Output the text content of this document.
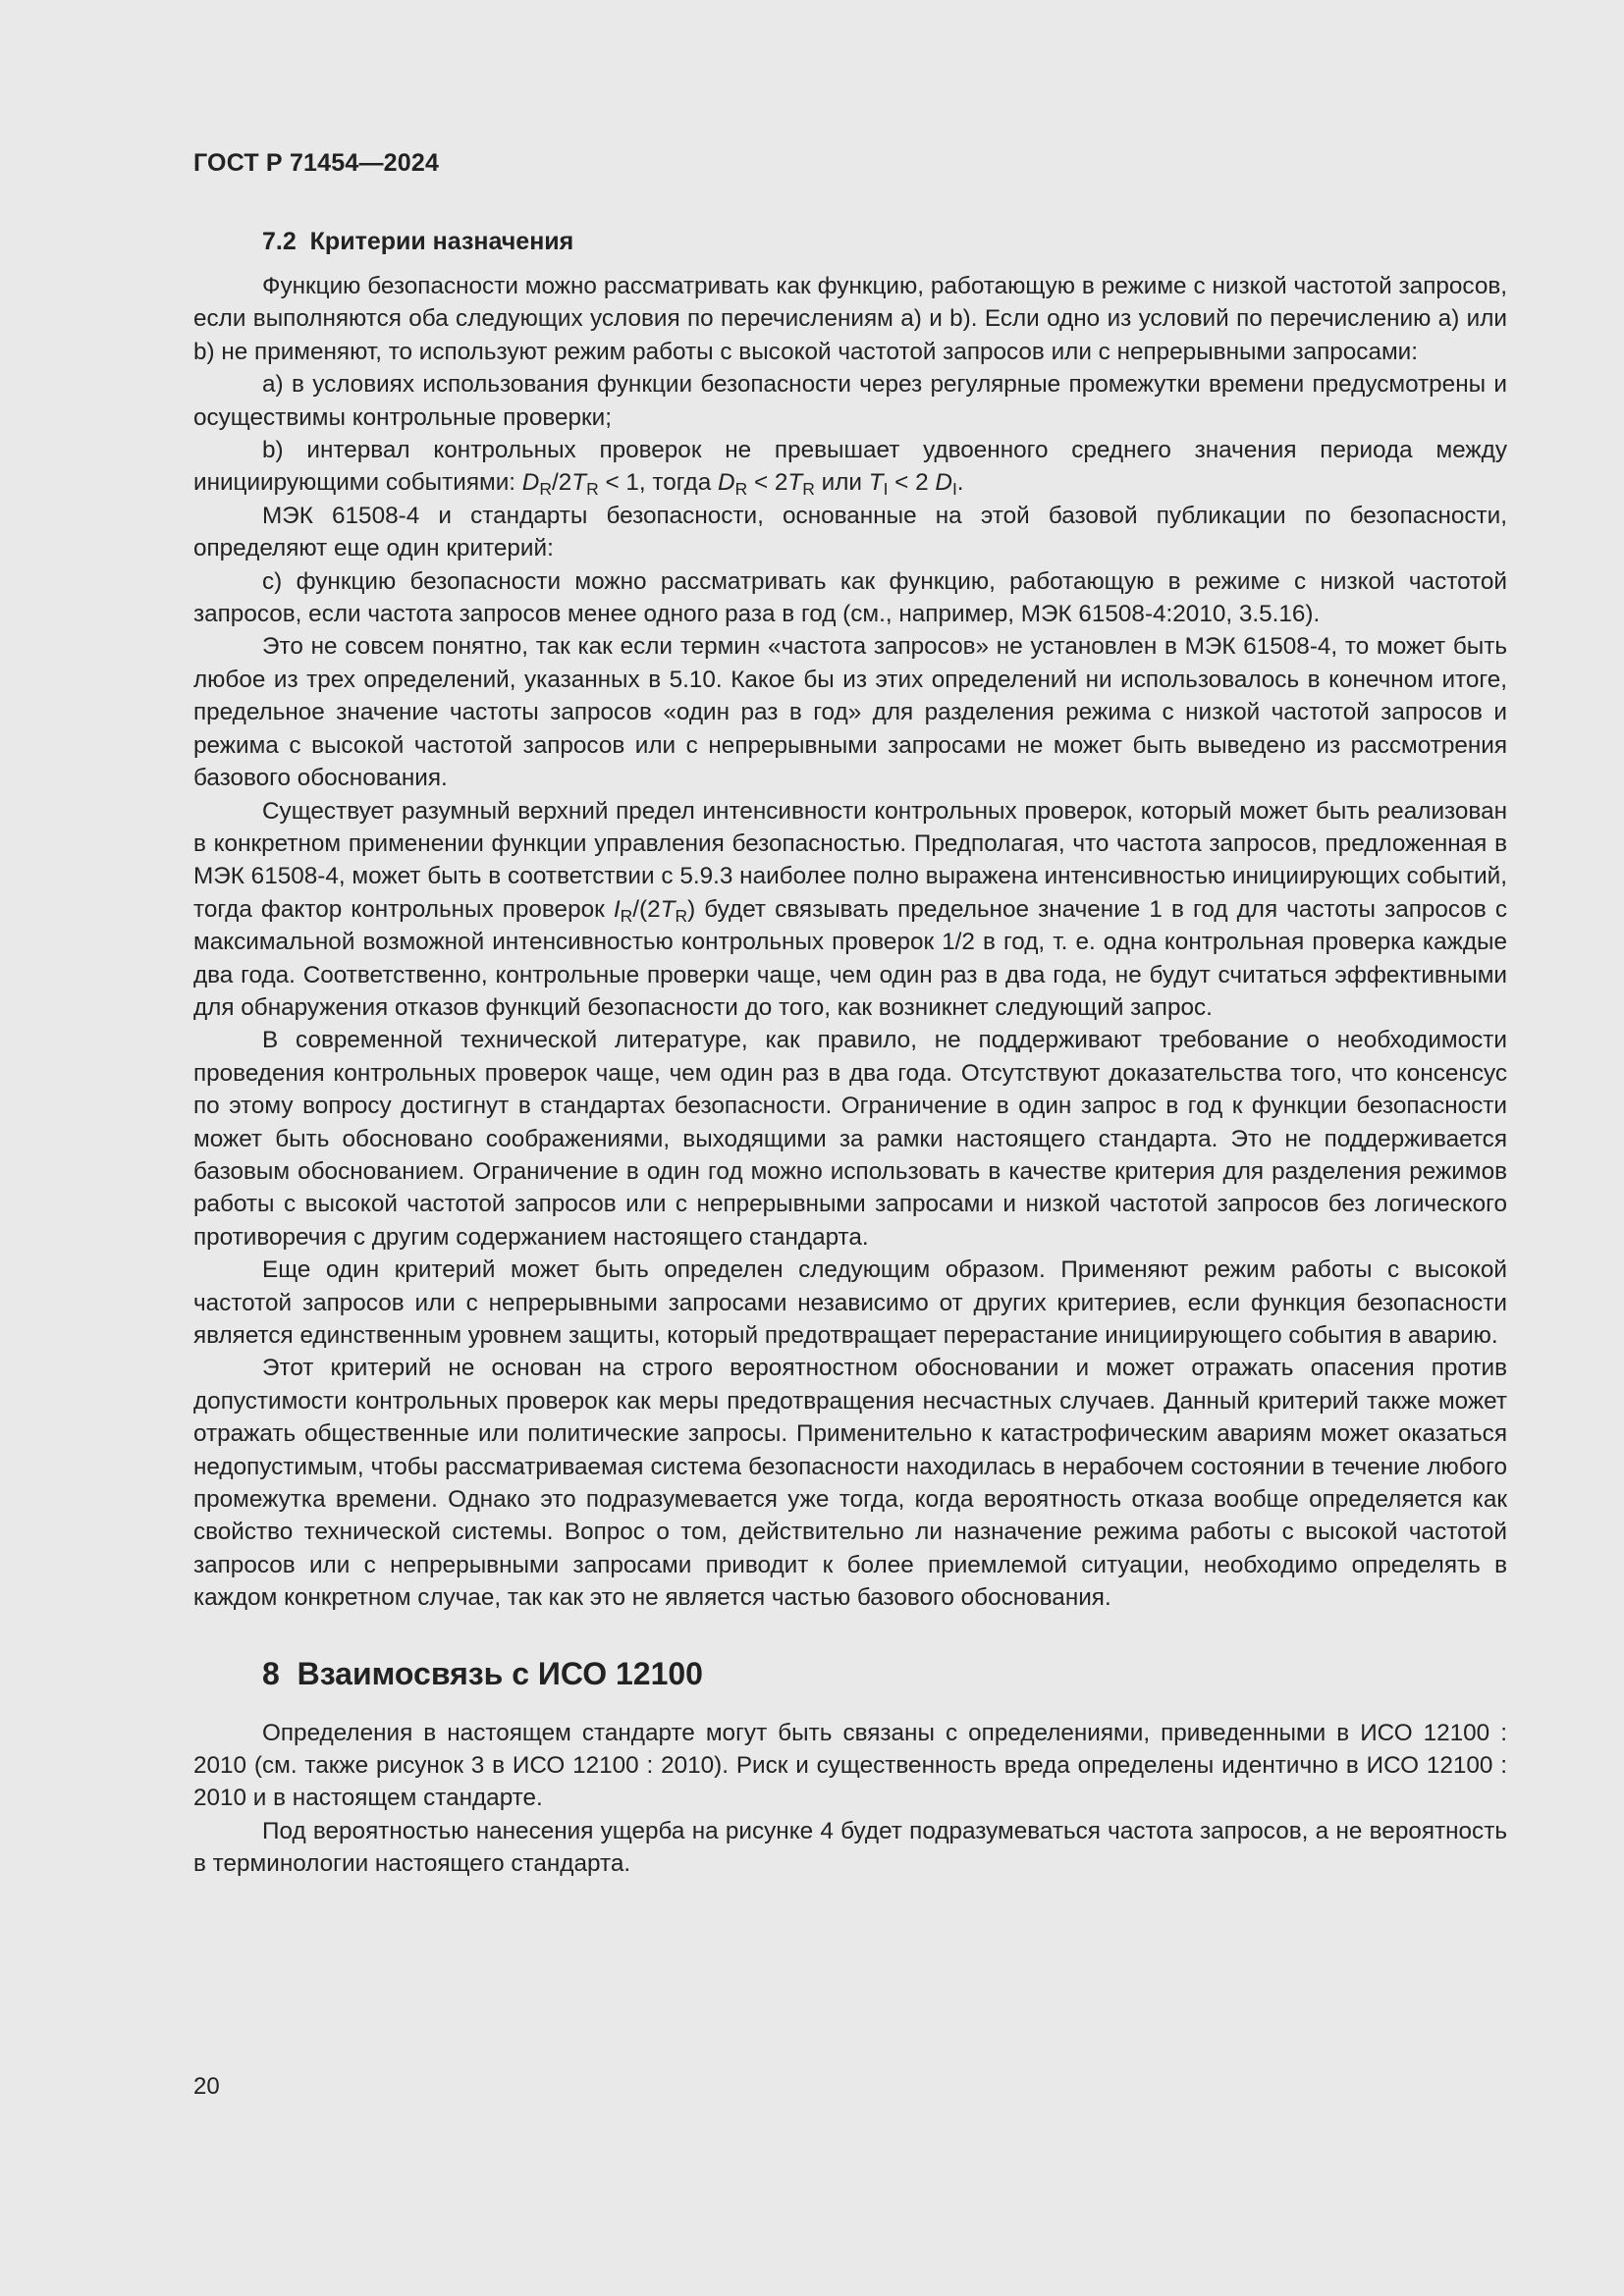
ГОСТ Р 71454—2024
7.2 Критерии назначения

Функцию безопасности можно рассматривать как функцию, работающую в режиме с низкой частотой запросов, если выполняются оба следующих условия по перечислениям a) и b). Если одно из условий по перечислению a) или b) не применяют, то используют режим работы с высокой частотой запросов или с непрерывными запросами:

a) в условиях использования функции безопасности через регулярные промежутки времени предусмотрены и осуществимы контрольные проверки;

b) интервал контрольных проверок не превышает удвоенного среднего значения периода между инициирующими событиями: $D_R/2T_R < 1$, тогда $D_R < 2T_R$ или $T_I < 2$ $D_I$.

МЭК 61508-4 и стандарты безопасности, основанные на этой базовой публикации по безопасности, определяют еще один критерий:

c) функцию безопасности можно рассматривать как функцию, работающую в режиме с низкой частотой запросов, если частота запросов менее одного раза в год (см., например, МЭК 61508-4:2010, 3.5.16).

Это не совсем понятно, так как если термин «частота запросов» не установлен в МЭК 61508-4, то может быть любое из трех определений, указанных в 5.10. Какое бы из этих определений ни использовалось в конечном итоге, предельное значение частоты запросов «один раз в год» для разделения режима с низкой частотой запросов и режима с высокой частотой запросов или с непрерывными запросами не может быть выведено из рассмотрения базового обоснования.

Существует разумный верхний предел интенсивности контрольных проверок, который может быть реализован в конкретном применении функции управления безопасностью. Предполагая, что частота запросов, предложенная в МЭК 61508-4, может быть в соответствии с 5.9.3 наиболее полно выражена интенсивностью инициирующих событий, тогда фактор контрольных проверок $I_R/(2T_R)$ будет связывать предельное значение 1 в год для частоты запросов с максимальной возможной интенсивностью контрольных проверок 1/2 в год, т. е. одна контрольная проверка каждые два года. Соответственно, контрольные проверки чаще, чем один раз в два года, не будут считаться эффективными для обнаружения отказов функций безопасности до того, как возникнет следующий запрос.

В современной технической литературе, как правило, не поддерживают требование о необходимости проведения контрольных проверок чаще, чем один раз в два года. Отсутствуют доказательства того, что консенсус по этому вопросу достигнут в стандартах безопасности. Ограничение в один запрос в год к функции безопасности может быть обосновано соображениями, выходящими за рамки настоящего стандарта. Это не поддерживается базовым обоснованием. Ограничение в один год можно использовать в качестве критерия для разделения режимов работы с высокой частотой запросов или с непрерывными запросами и низкой частотой запросов без логического противоречия с другим содержанием настоящего стандарта.

Еще один критерий может быть определен следующим образом. Применяют режим работы с высокой частотой запросов или с непрерывными запросами независимо от других критериев, если функция безопасности является единственным уровнем защиты, который предотвращает перерастание инициирующего события в аварию.

Этот критерий не основан на строго вероятностном обосновании и может отражать опасения против допустимости контрольных проверок как меры предотвращения несчастных случаев. Данный критерий также может отражать общественные или политические запросы. Применительно к катастрофическим авариям может оказаться недопустимым, чтобы рассматриваемая система безопасности находилась в нерабочем состоянии в течение любого промежутка времени. Однако это подразумевается уже тогда, когда вероятность отказа вообще определяется как свойство технической системы. Вопрос о том, действительно ли назначение режима работы с высокой частотой запросов или с непрерывными запросами приводит к более приемлемой ситуации, необходимо определять в каждом конкретном случае, так как это не является частью базового обоснования.

8 Взаимосвязь с ИСО 12100

Определения в настоящем стандарте могут быть связаны с определениями, приведенными в ИСО 12100 : 2010 (см. также рисунок 3 в ИСО 12100 : 2010). Риск и существенность вреда определены идентично в ИСО 12100 : 2010 и в настоящем стандарте.

Под вероятностью нанесения ущерба на рисунке 4 будет подразумеваться частота запросов, а не вероятность в терминологии настоящего стандарта.

20
